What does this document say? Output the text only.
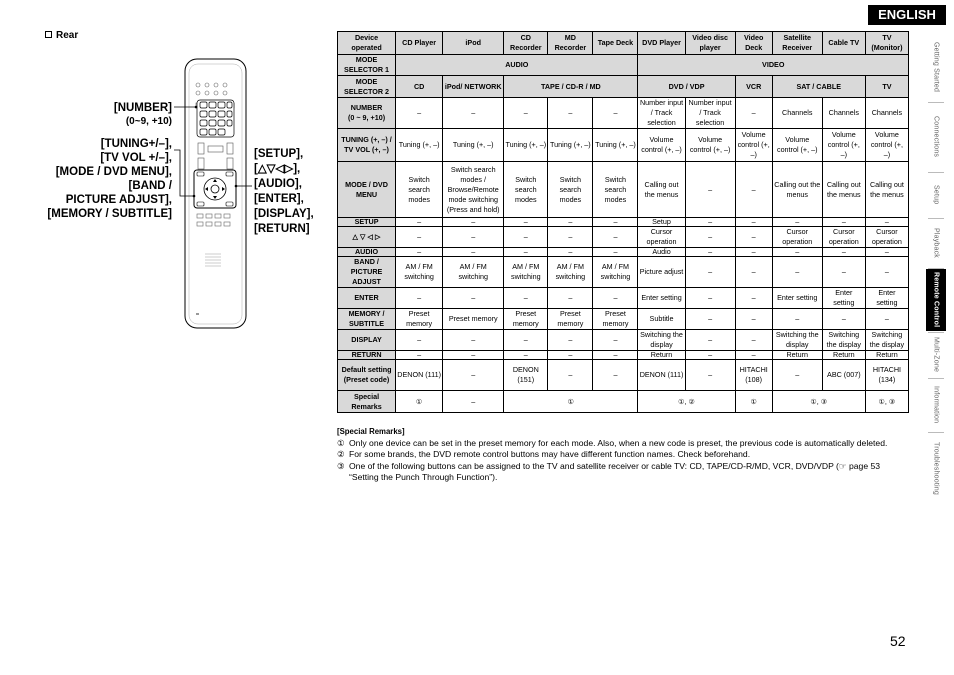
ENGLISH
Getting Started
Connections
Setup
Playback
Remote Control
Multi-Zone
Information
Troubleshooting
Rear
[NUMBER]
(0~9, +10)
[TUNING+/–],
[TV VOL +/–],
[MODE / DVD MENU],
[BAND /
PICTURE ADJUST],
[MEMORY / SUBTITLE]
[SETUP],
[△▽◁▷],
[AUDIO],
[ENTER],
[DISPLAY],
[RETURN]
Device operated	CD Player	iPod	CD Recorder	MD Recorder	Tape Deck	DVD Player	Video disc player	Video Deck	Satellite Receiver	Cable TV	TV (Monitor)
MODE SELECTOR 1	AUDIO					VIDEO					
MODE SELECTOR 2	CD	iPod/ NETWORK	TAPE / CD-R / MD			DVD / VDP		VCR	SAT / CABLE		TV

NUMBER
(0 ~ 9, +10)	–	–	–	–	–	Number input / Track selection	Number input / Track selection	–	Channels	Channels	Channels

TUNING (+, –) / TV VOL (+, –)	Tuning (+, –)	Tuning (+, –)	Tuning (+, –)	Tuning (+, –)	Tuning (+, –)	Volume control (+, –)	Volume control (+, –)	Volume control (+, –)	Volume control (+, –)	Volume control (+, –)	Volume control (+, –)

MODE / DVD MENU	Switch search modes	Switch search modes / Browse/Remote mode switching (Press and hold)	Switch search modes	Switch search modes	Switch search modes	Calling out the menus	–	–	Calling out the menus	Calling out the menus	Calling out the menus

SETUP	–	–	–	–	–	Setup	–	–	–	–	–

△ ▽ ◁ ▷	–	–	–	–	–	Cursor operation	–	–	Cursor operation	Cursor operation	Cursor operation

AUDIO	–	–	–	–	–	Audio	–	–	–	–	–

BAND / PICTURE ADJUST	AM / FM switching	AM / FM switching	AM / FM switching	AM / FM switching	AM / FM switching	Picture adjust	–	–	–	–	–

ENTER	–	–	–	–	–	Enter setting	–	–	Enter setting	Enter setting	Enter setting

MEMORY / SUBTITLE	Preset memory	Preset memory	Preset memory	Preset memory	Preset memory	Subtitle	–	–	–	–	–

DISPLAY	–	–	–	–	–	Switching the display	–	–	Switching the display	Switching the display	Switching the display

RETURN	–	–	–	–	–	Return	–	–	Return	Return	Return

Default setting (Preset code)	DENON (111)	–	DENON (151)	–	–	DENON (111)	–	HITACHI (108)	–	ABC (007)	HITACHI (134)
Special Remarks	①	–	①			①, ②		①	①, ③		①, ③
[Special Remarks]
① Only one device can be set in the preset memory for each mode. Also, when a new code is preset, the previous code is automatically deleted.
② For some brands, the DVD remote control buttons may have different function names. Check beforehand.
③ One of the following buttons can be assigned to the TV and satellite receiver or cable TV: CD, TAPE/CD-R/MD, VCR, DVD/VDP (☞ page 53 “Setting the Punch Through Function”).
52
